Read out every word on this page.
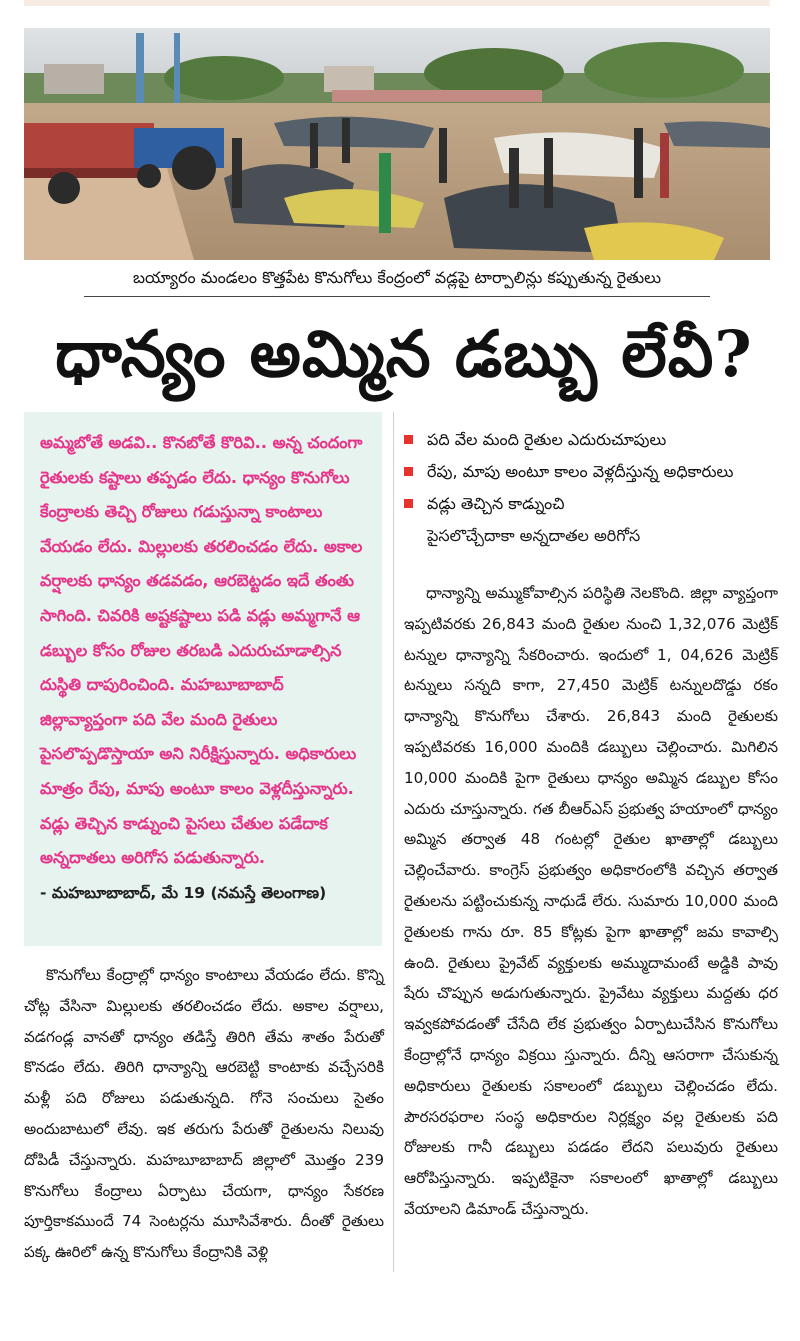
బయ్యారం మండలం కొత్తపేట కొనుగోలు కేంద్రంలో వడ్లపై టార్పాలిన్లు కప్పుతున్న రైతులు
ధాన్యం అమ్మిన డబ్బు లేవీ?
అమ్మబోతే అడవి.. కొనబోతే కొరివి.. అన్న చందంగా రైతులకు కష్టాలు తప్పడం లేదు. ధాన్యం కొనుగోలు కేంద్రాలకు తెచ్చి రోజులు గడుస్తున్నా కాంటాలు వేయడం లేదు. మిల్లులకు తరలించడం లేదు. అకాల వర్షాలకు ధాన్యం తడవడం, ఆరబెట్టడం ఇదే తంతు సాగింది. చివరికి అష్టకష్టాలు పడి వడ్లు అమ్మగానే ఆ డబ్బుల కోసం రోజుల తరబడి ఎదురుచూడాల్సిన దుస్థితి దాపురించింది. మహబూబాబాద్ జిల్లావ్యాప్తంగా పది వేల మంది రైతులు పైసలొప్పడొస్తాయా అని నిరీక్షిస్తున్నారు. అధికారులు మాత్రం రేపు, మాపు అంటూ కాలం వెళ్లదీస్తున్నారు. వడ్లు తెచ్చిన కాడ్నుంచి పైసలు చేతుల పడేదాక అన్నదాతలు అరిగోస పడుతున్నారు.
- మహబూబాబాద్, మే 19 (నమస్తే తెలంగాణ)
పది వేల మంది రైతుల ఎదురుచూపులు
రేపు, మాపు అంటూ కాలం వెళ్లదీస్తున్న అధికారులు
వడ్లు తెచ్చిన కాడ్నుంచి
పైసలొచ్చేదాకా అన్నదాతల అరిగోస

కొనుగోలు కేంద్రాల్లో ధాన్యం కాంటాలు వేయడం లేదు. కొన్ని చోట్ల వేసినా మిల్లులకు తరలించడం లేదు. అకాల వర్షాలు, వడగండ్ల వానతో ధాన్యం తడిస్తే తిరిగి తేమ శాతం పేరుతో కొనడం లేదు. తిరిగి ధాన్యాన్ని ఆరబెట్టి కాంటాకు వచ్చేసరికి మళ్లీ పది రోజులు పడుతున్నది. గోనె సంచులు సైతం అందుబాటులో లేవు. ఇక తరుగు పేరుతో రైతులను నిలువు దోపిడీ చేస్తున్నారు. మహబూబాబాద్ జిల్లాలో మొత్తం 239 కొనుగోలు కేంద్రాలు ఏర్పాటు చేయగా, ధాన్యం సేకరణ పూర్తికాకముందే 74 సెంటర్లను మూసివేశారు. దీంతో రైతులు పక్క ఊరిలో ఉన్న కొనుగోలు కేంద్రానికి వెళ్లి

ధాన్యాన్ని అమ్ముకోవాల్సిన పరిస్థితి నెలకొంది. జిల్లా వ్యాప్తంగా ఇప్పటివరకు 26,843 మంది రైతుల నుంచి 1,32,076 మెట్రిక్ టన్నుల ధాన్యాన్ని సేకరించారు. ఇందులో 1, 04,626 మెట్రిక్ టన్నులు సన్నది కాగా, 27,450 మెట్రిక్ టన్నులదొడ్డు రకం ధాన్యాన్ని కొనుగోలు చేశారు. 26,843 మంది రైతులకు ఇప్పటివరకు 16,000 మందికి డబ్బులు చెల్లించారు. మిగిలిన 10,000 మందికి పైగా రైతులు ధాన్యం అమ్మిన డబ్బుల కోసం ఎదురు చూస్తున్నారు. గత బీఆర్ఎస్ ప్రభుత్వ హయాంలో ధాన్యం అమ్మిన తర్వాత 48 గంటల్లో రైతుల ఖాతాల్లో డబ్బులు చెల్లించేవారు. కాంగ్రెస్ ప్రభుత్వం అధికారంలోకి వచ్చిన తర్వాత రైతులను పట్టించుకున్న నాధుడే లేరు. సుమారు 10,000 మంది రైతులకు గాను రూ. 85 కోట్లకు పైగా ఖాతాల్లో జమ కావాల్సి ఉంది. రైతులు ప్రైవేట్ వ్యక్తులకు అమ్ముదామంటే అడ్డికి పావు షేరు చొప్పున అడుగుతున్నారు. ప్రైవేటు వ్యక్తులు మద్దతు ధర ఇవ్వకపోవడంతో చేసేది లేక ప్రభుత్వం ఏర్పాటుచేసిన కొనుగోలు కేంద్రాల్లోనే ధాన్యం విక్రయి స్తున్నారు. దీన్ని ఆసరాగా చేసుకున్న అధికారులు రైతులకు సకాలంలో డబ్బులు చెల్లించడం లేదు. పౌరసరఫరాల సంస్థ అధికారుల నిర్లక్ష్యం వల్ల రైతులకు పది రోజులకు గానీ డబ్బులు పడడం లేదని పలువురు రైతులు ఆరోపిస్తున్నారు. ఇప్పటికైనా సకాలంలో ఖాతాల్లో డబ్బులు వేయాలని డిమాండ్ చేస్తున్నారు.
